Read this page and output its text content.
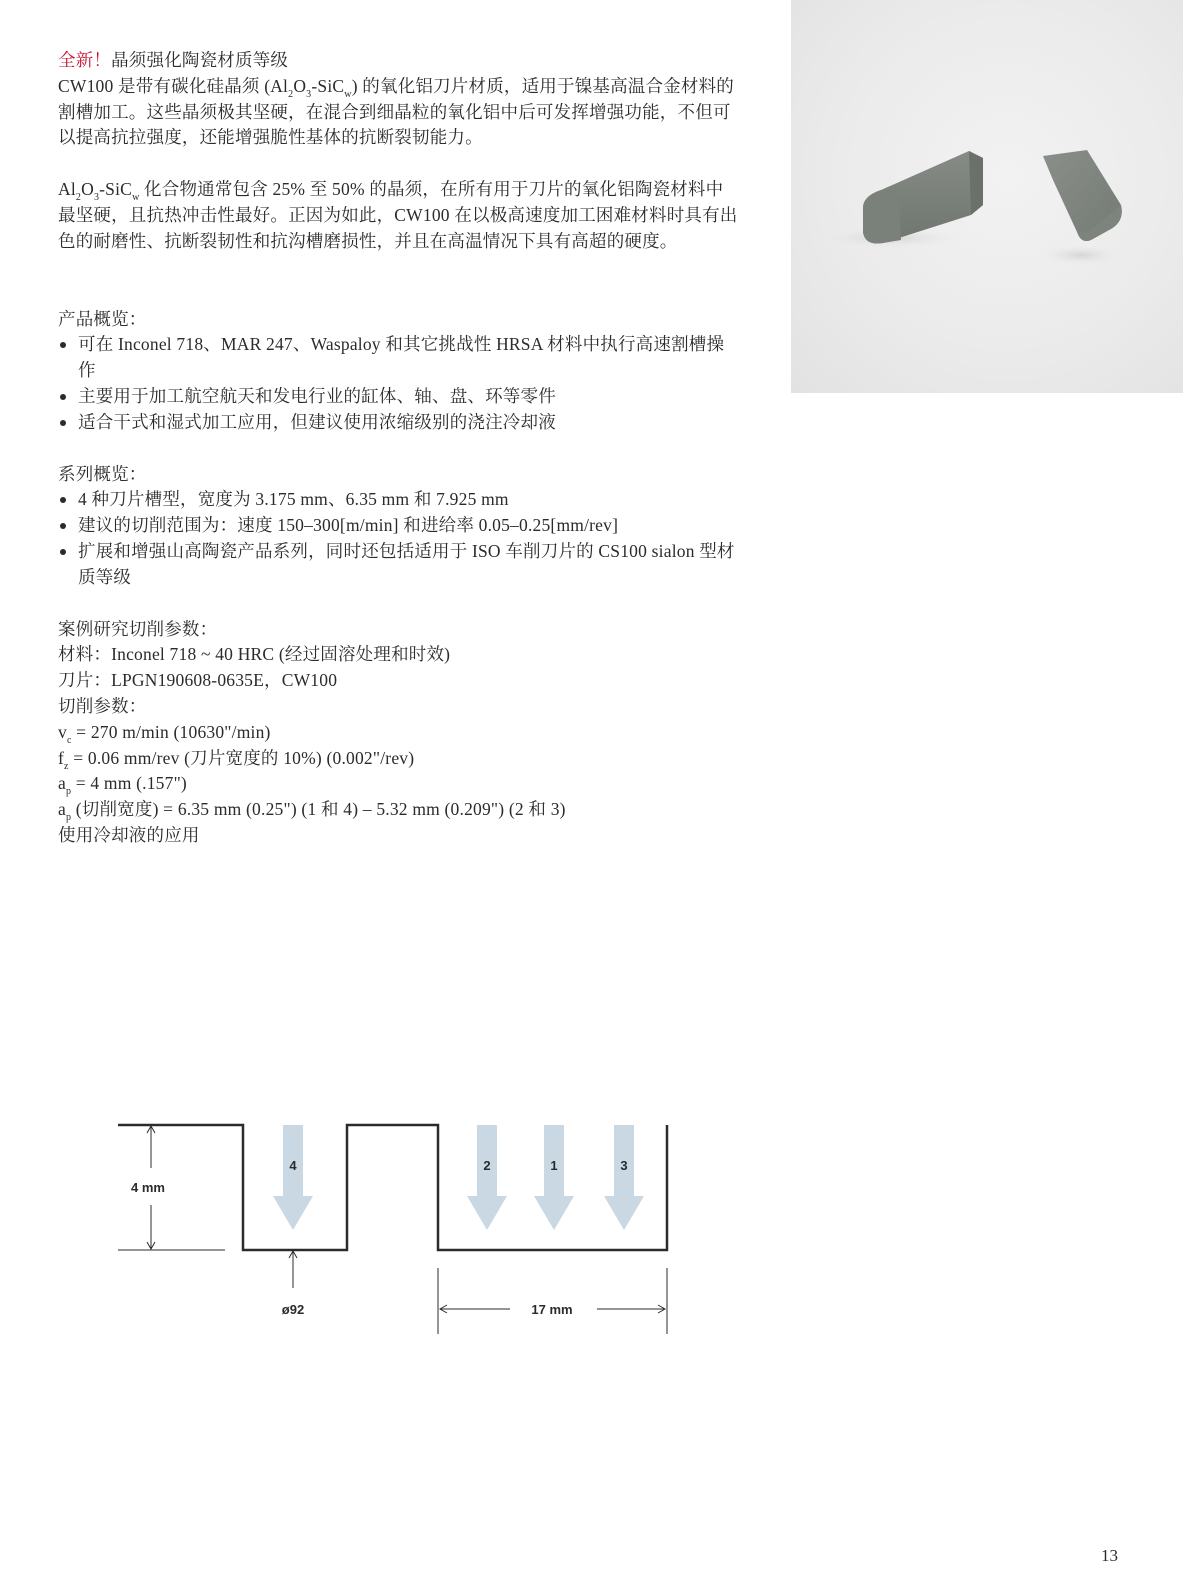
全新！晶须强化陶瓷材质等级

CW100 是带有碳化硅晶须 $(Al_2O_3-SiC_w)$ 的氧化铝刀片材质，适用于镍基高温合金材料的割槽加工。这些晶须极其坚硬，在混合到细晶粒的氧化铝中后可发挥增强功能，不但可以提高抗拉强度，还能增强脆性基体的抗断裂韧能力。

$Al_2O_3-SiC_w$ 化合物通常包含 25% 至 50% 的晶须，在所有用于刀片的氧化铝陶瓷材料中最坚硬，且抗热冲击性最好。正因为如此，CW100 在以极高速度加工困难材料时具有出色的耐磨性、抗断裂韧性和抗沟槽磨损性，并且在高温情况下具有高超的硬度。

产品概览：

可在 Inconel 718、MAR 247、Waspaloy 和其它挑战性 HRSA 材料中执行高速割槽操作
主要用于加工航空航天和发电行业的缸体、轴、盘、环等零件
适合干式和湿式加工应用，但建议使用浓缩级别的浇注冷却液

系列概览：

4 种刀片槽型，宽度为 3.175 mm、6.35 mm 和 7.925 mm
建议的切削范围为：速度 150–300[m/min] 和进给率 0.05–0.25[mm/rev]
扩展和增强山高陶瓷产品系列，同时还包括适用于 ISO 车削刀片的 CS100 sialon 型材质等级

案例研究切削参数：

材料：Inconel 718 ~ 40 HRC (经过固溶处理和时效)

刀片：LPGN190608-0635E，CW100

切削参数：

$v_c = 270$ m/min (10630"/min)

$f_z = 0.06$ mm/rev (刀片宽度的 10%) (0.002"/rev)

$a_p = 4$ mm (.157")

$a_p$ (切削宽度) = 6.35 mm (0.25") (1 和 4) – 5.32 mm (0.209") (2 和 3)

使用冷却液的应用

4 mm
ø92	17 mm
4	2	1	3
13
